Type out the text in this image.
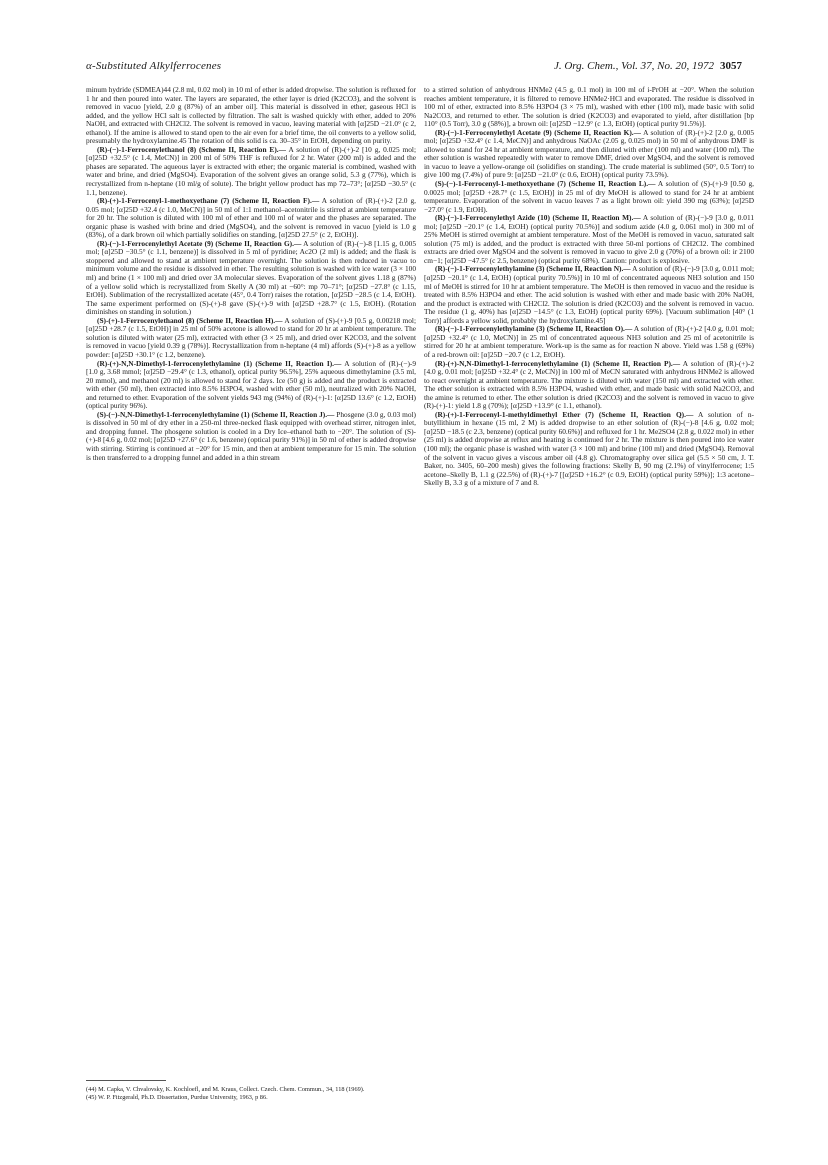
α-Substituted Alkylferrocenes	J. Org. Chem., Vol. 37, No. 20, 1972 3057

minum hydride (SDMEA)44 (2.8 ml, 0.02 mol) in 10 ml of ether is added dropwise. The solution is refluxed for 1 hr and then poured into water. The layers are separated, the ether layer is dried (K2CO3), and the solvent is removed in vacuo [yield, 2.0 g (87%) of an amber oil]. This material is dissolved in ether, gaseous HCl is added, and the yellow HCl salt is collected by filtration. The salt is washed quickly with ether, added to 20% NaOH, and extracted with CH2Cl2. The solvent is removed in vacuo, leaving material with [α]25D −21.0° (c 2, ethanol). If the amine is allowed to stand open to the air even for a brief time, the oil converts to a yellow solid, presumably the hydroxylamine.45 The rotation of this solid is ca. 30–35° in EtOH, depending on purity.

(R)-(−)-1-Ferrocenylethanol (8) (Scheme II, Reaction E).— A solution of (R)-(+)-2 [10 g, 0.025 mol; [α]25D +32.5° (c 1.4, MeCN)] in 200 ml of 50% THF is refluxed for 2 hr. Water (200 ml) is added and the phases are separated. The aqueous layer is extracted with ether; the organic material is combined, washed with water and brine, and dried (MgSO4). Evaporation of the solvent gives an orange solid, 5.3 g (77%), which is recrystallized from n-heptane (10 ml/g of solute). The bright yellow product has mp 72–73°; [α]25D −30.5° (c 1.1, benzene).

(R)-(+)-1-Ferrocenyl-1-methoxyethane (7) (Scheme II, Reaction F).— A solution of (R)-(+)-2 [2.0 g, 0.05 mol; [α]25D +32.4 (c 1.0, MeCN)] in 50 ml of 1:1 methanol–acetonitrile is stirred at ambient temperature for 20 hr. The solution is diluted with 100 ml of ether and 100 ml of water and the phases are separated. The organic phase is washed with brine and dried (MgSO4), and the solvent is removed in vacuo [yield is 1.0 g (83%), of a dark brown oil which partially solidifies on standing, [α]25D 27.5° (c 2, EtOH)].

(R)-(−)-1-Ferrocenylethyl Acetate (9) (Scheme II, Reaction G).— A solution of (R)-(−)-8 [1.15 g, 0.005 mol; [α]25D −30.5° (c 1.1, benzene)] is dissolved in 5 ml of pyridine; Ac2O (2 ml) is added; and the flask is stoppered and allowed to stand at ambient temperature overnight. The solution is then reduced in vacuo to minimum volume and the residue is dissolved in ether. The resulting solution is washed with ice water (3 × 100 ml) and brine (1 × 100 ml) and dried over 3A molecular sieves. Evaporation of the solvent gives 1.18 g (87%) of a yellow solid which is recrystallized from Skelly A (30 ml) at −60°: mp 70–71°; [α]25D −27.8° (c 1.15, EtOH). Sublimation of the recrystallized acetate (45°, 0.4 Torr) raises the rotation, [α]25D −28.5 (c 1.4, EtOH). The same experiment performed on (S)-(+)-8 gave (S)-(+)-9 with [α]25D +28.7° (c 1.5, EtOH). (Rotation diminishes on standing in solution.)

(S)-(+)-1-Ferrocenylethanol (8) (Scheme II, Reaction H).— A solution of (S)-(+)-9 [0.5 g, 0.00218 mol; [α]25D +28.7 (c 1.5, EtOH)] in 25 ml of 50% acetone is allowed to stand for 20 hr at ambient temperature. The solution is diluted with water (25 ml), extracted with ether (3 × 25 ml), and dried over K2CO3, and the solvent is removed in vacuo [yield 0.39 g (78%)]. Recrystallization from n-heptane (4 ml) affords (S)-(+)-8 as a yellow powder: [α]25D +30.1° (c 1.2, benzene).

(R)-(+)-N,N-Dimethyl-1-ferrocenylethylamine (1) (Scheme II, Reaction I).— A solution of (R)-(−)-9 [1.0 g, 3.68 mmol; [α]25D −29.4° (c 1.3, ethanol), optical purity 96.5%], 25% aqueous dimethylamine (3.5 ml, 20 mmol), and methanol (20 ml) is allowed to stand for 2 days. Ice (50 g) is added and the product is extracted with ether (50 ml), then extracted into 8.5% H3PO4, washed with ether (50 ml), neutralized with 20% NaOH, and returned to ether. Evaporation of the solvent yields 943 mg (94%) of (R)-(+)-1: [α]25D 13.6° (c 1.2, EtOH) (optical purity 96%).

(S)-(−)-N,N-Dimethyl-1-ferrocenylethylamine (1) (Scheme II, Reaction J).— Phosgene (3.0 g, 0.03 mol) is dissolved in 50 ml of dry ether in a 250-ml three-necked flask equipped with overhead stirrer, nitrogen inlet, and dropping funnel. The phosgene solution is cooled in a Dry Ice–ethanol bath to −20°. The solution of (S)-(+)-8 [4.6 g, 0.02 mol; [α]25D +27.6° (c 1.6, benzene) (optical purity 91%)] in 50 ml of ether is added dropwise with stirring. Stirring is continued at −20° for 15 min, and then at ambient temperature for 15 min. The solution is then transferred to a dropping funnel and added in a thin stream

to a stirred solution of anhydrous HNMe2 (4.5 g, 0.1 mol) in 100 ml of i-PrOH at −20°. When the solution reaches ambient temperature, it is filtered to remove HNMe2·HCl and evaporated. The residue is dissolved in 100 ml of ether, extracted into 8.5% H3PO4 (3 × 75 ml), washed with ether (100 ml), made basic with solid Na2CO3, and returned to ether. The solution is dried (K2CO3) and evaporated to yield, after distillation [bp 110° (0.5 Torr), 3.0 g (58%)], a brown oil: [α]25D −12.9° (c 1.3, EtOH) (optical purity 91.5%)].

(R)-(−)-1-Ferrocenylethyl Acetate (9) (Scheme II, Reaction K).— A solution of (R)-(+)-2 [2.0 g, 0.005 mol; [α]25D +32.4° (c 1.4, MeCN)] and anhydrous NaOAc (2.05 g, 0.025 mol) in 50 ml of anhydrous DMF is allowed to stand for 24 hr at ambient temperature, and then diluted with ether (100 ml) and water (100 ml). The ether solution is washed repeatedly with water to remove DMF, dried over MgSO4, and the solvent is removed in vacuo to leave a yellow-orange oil (solidifies on standing). The crude material is sublimed (50°, 0.5 Torr) to give 100 mg (7.4%) of pure 9: [α]25D −21.0° (c 0.6, EtOH) (optical purity 73.5%).

(S)-(−)-1-Ferrocenyl-1-methoxyethane (7) (Scheme II, Reaction L).— A solution of (S)-(+)-9 [0.50 g, 0.0025 mol; [α]25D +28.7° (c 1.5, EtOH)] in 25 ml of dry MeOH is allowed to stand for 24 hr at ambient temperature. Evaporation of the solvent in vacuo leaves 7 as a light brown oil: yield 390 mg (63%); [α]25D −27.0° (c 1.9, EtOH).

(R)-(−)-1-Ferrocenylethyl Azide (10) (Scheme II, Reaction M).— A solution of (R)-(−)-9 [3.0 g, 0.011 mol; [α]25D −20.1° (c 1.4, EtOH) (optical purity 70.5%)] and sodium azide (4.0 g, 0.061 mol) in 300 ml of 25% MeOH is stirred overnight at ambient temperature. Most of the MeOH is removed in vacuo, saturated salt solution (75 ml) is added, and the product is extracted with three 50-ml portions of CH2Cl2. The combined extracts are dried over MgSO4 and the solvent is removed in vacuo to give 2.0 g (70%) of a brown oil: ir 2100 cm−1; [α]25D −47.5° (c 2.5, benzene) (optical purity 68%). Caution: product is explosive.

(R)-(−)-1-Ferrocenylethylamine (3) (Scheme II, Reaction N).— A solution of (R)-(−)-9 [3.0 g, 0.011 mol; [α]25D −20.1° (c 1.4, EtOH) (optical purity 70.5%)] in 10 ml of concentrated aqueous NH3 solution and 150 ml of MeOH is stirred for 10 hr at ambient temperature. The MeOH is then removed in vacuo and the residue is treated with 8.5% H3PO4 and ether. The acid solution is washed with ether and made basic with 20% NaOH, and the product is extracted with CH2Cl2. The solution is dried (K2CO3) and the solvent is removed in vacuo. The residue (1 g, 40%) has [α]25D −14.5° (c 1.3, EtOH) (optical purity 69%). [Vacuum sublimation [40° (1 Torr)] affords a yellow solid, probably the hydroxylamine.45]

(R)-(−)-1-Ferrocenylethylamine (3) (Scheme II, Reaction O).— A solution of (R)-(+)-2 [4.0 g, 0.01 mol; [α]25D +32.4° (c 1.0, MeCN)] in 25 ml of concentrated aqueous NH3 solution and 25 ml of acetonitrile is stirred for 20 hr at ambient temperature. Work-up is the same as for reaction N above. Yield was 1.58 g (69%) of a red-brown oil: [α]25D −20.7 (c 1.2, EtOH).

(R)-(+)-N,N-Dimethyl-1-ferrocenylethylamine (1) (Scheme II, Reaction P).— A solution of (R)-(+)-2 [4.0 g, 0.01 mol; [α]25D +32.4° (c 2, MeCN)] in 100 ml of MeCN saturated with anhydrous HNMe2 is allowed to react overnight at ambient temperature. The mixture is diluted with water (150 ml) and extracted with ether. The ether solution is extracted with 8.5% H3PO4, washed with ether, and made basic with solid Na2CO3, and the amine is returned to ether. The ether solution is dried (K2CO3) and the solvent is removed in vacuo to give (R)-(+)-1: yield 1.8 g (70%); [α]25D +13.9° (c 1.1, ethanol).

(R)-(+)-1-Ferrocenyl-1-methyldimethyl Ether (7) (Scheme II, Reaction Q).— A solution of n-butyllithium in hexane (15 ml, 2 M) is added dropwise to an ether solution of (R)-(−)-8 [4.6 g, 0.02 mol; [α]25D −18.5 (c 2.3, benzene) (optical purity 60.6%)] and refluxed for 1 hr. Me2SO4 (2.8 g, 0.022 mol) in ether (25 ml) is added dropwise at reflux and heating is continued for 2 hr. The mixture is then poured into ice water (100 ml); the organic phase is washed with water (3 × 100 ml) and brine (100 ml) and dried (MgSO4). Removal of the solvent in vacuo gives a viscous amber oil (4.8 g). Chromatography over silica gel (5.5 × 50 cm, J. T. Baker, no. 3405, 60–200 mesh) gives the following fractions: Skelly B, 90 mg (2.1%) of vinylferrocene; 1:5 acetone–Skelly B, 1.1 g (22.5%) of (R)-(+)-7 [[α]25D +16.2° (c 0.9, EtOH) (optical purity 59%)]; 1:3 acetone–Skelly B, 3.3 g of a mixture of 7 and 8.

(44) M. Capka, V. Chvalovsky, K. Kochloefl, and M. Kraus, Collect. Czech. Chem. Commun., 34, 118 (1969).
(45) W. P. Fitzgerald, Ph.D. Dissertation, Purdue University, 1963, p 86.
